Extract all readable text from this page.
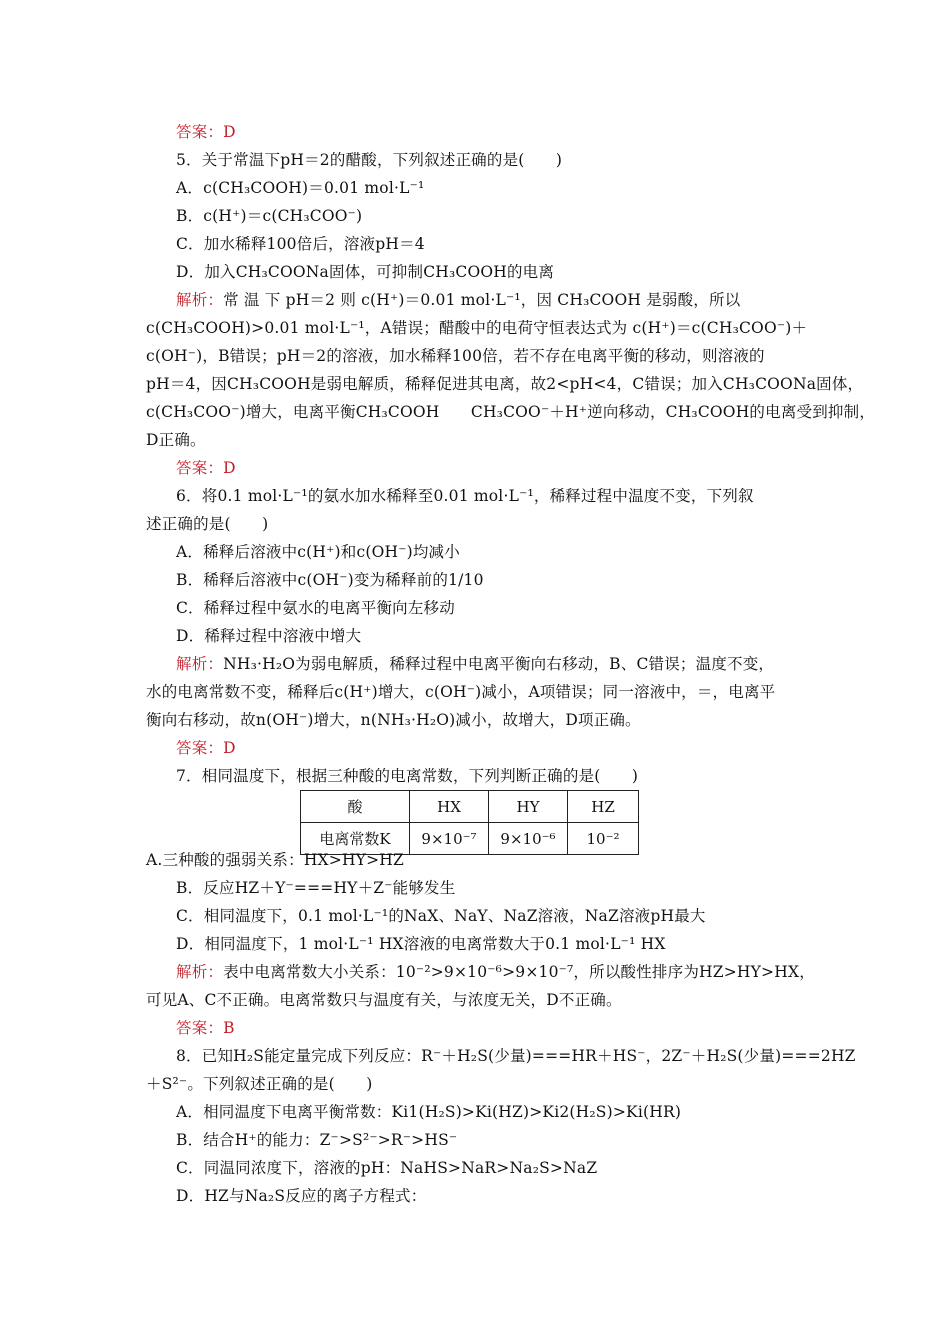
答案：D
5．关于常温下pH＝2的醋酸，下列叙述正确的是(　　)
A．c(CH₃COOH)＝0.01 mol·L⁻¹
B．c(H⁺)＝c(CH₃COO⁻)
C．加水稀释100倍后，溶液pH＝4
D．加入CH₃COONa固体，可抑制CH₃COOH的电离
解析：常 温 下 pH＝2 则 c(H⁺)＝0.01 mol·L⁻¹，因 CH₃COOH 是弱酸，所以
c(CH₃COOH)>0.01 mol·L⁻¹，A错误；醋酸中的电荷守恒表达式为 c(H⁺)＝c(CH₃COO⁻)＋
c(OH⁻)，B错误；pH＝2的溶液，加水稀释100倍，若不存在电离平衡的移动，则溶液的
pH＝4，因CH₃COOH是弱电解质，稀释促进其电离，故2<pH<4，C错误；加入CH₃COONa固体，
c(CH₃COO⁻)增大，电离平衡CH₃COOH　　CH₃COO⁻＋H⁺逆向移动，CH₃COOH的电离受到抑制，
D正确。
答案：D
6．将0.1 mol·L⁻¹的氨水加水稀释至0.01 mol·L⁻¹，稀释过程中温度不变，下列叙
述正确的是(　　)
A．稀释后溶液中c(H⁺)和c(OH⁻)均减小
B．稀释后溶液中c(OH⁻)变为稀释前的1/10
C．稀释过程中氨水的电离平衡向左移动
D．稀释过程中溶液中增大
解析：NH₃·H₂O为弱电解质，稀释过程中电离平衡向右移动，B、C错误；温度不变，
水的电离常数不变，稀释后c(H⁺)增大，c(OH⁻)减小，A项错误；同一溶液中，＝，电离平
衡向右移动，故n(OH⁻)增大，n(NH₃·H₂O)减小，故增大，D项正确。
答案：D
7．相同温度下，根据三种酸的电离常数，下列判断正确的是(　　)
酸	HX	HY	HZ
电离常数K	9×10⁻⁷	9×10⁻⁶	10⁻²
A.三种酸的强弱关系：HX>HY>HZ
B．反应HZ＋Y⁻===HY＋Z⁻能够发生
C．相同温度下，0.1 mol·L⁻¹的NaX、NaY、NaZ溶液，NaZ溶液pH最大
D．相同温度下，1 mol·L⁻¹ HX溶液的电离常数大于0.1 mol·L⁻¹ HX
解析：表中电离常数大小关系：10⁻²>9×10⁻⁶>9×10⁻⁷，所以酸性排序为HZ>HY>HX，
可见A、C不正确。电离常数只与温度有关，与浓度无关，D不正确。
答案：B
8．已知H₂S能定量完成下列反应：R⁻＋H₂S(少量)===HR＋HS⁻，2Z⁻＋H₂S(少量)===2HZ
＋S²⁻。下列叙述正确的是(　　)
A．相同温度下电离平衡常数：Ki1(H₂S)>Ki(HZ)>Ki2(H₂S)>Ki(HR)
B．结合H⁺的能力：Z⁻>S²⁻>R⁻>HS⁻
C．同温同浓度下，溶液的pH：NaHS>NaR>Na₂S>NaZ
D．HZ与Na₂S反应的离子方程式：
